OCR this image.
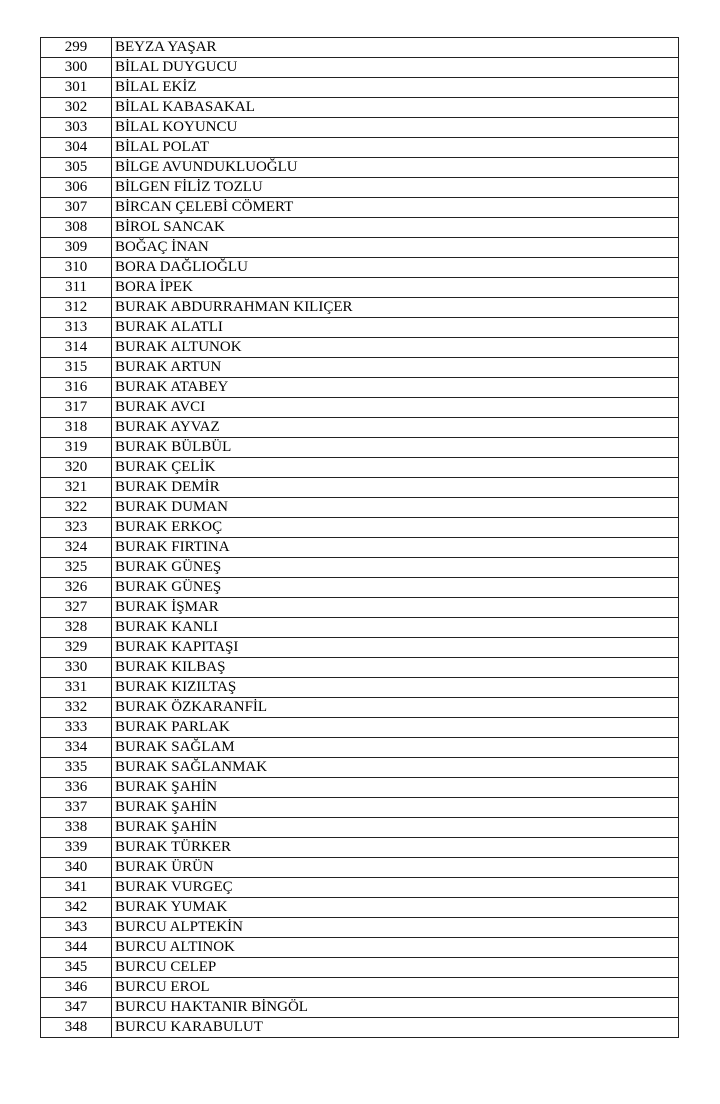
299	BEYZA YAŞAR
300	BİLAL DUYGUCU
301	BİLAL EKİZ
302	BİLAL KABASAKAL
303	BİLAL KOYUNCU
304	BİLAL POLAT
305	BİLGE AVUNDUKLUOĞLU
306	BİLGEN FİLİZ TOZLU
307	BİRCAN ÇELEBİ CÖMERT
308	BİROL SANCAK
309	BOĞAÇ İNAN
310	BORA DAĞLIOĞLU
311	BORA İPEK
312	BURAK ABDURRAHMAN KILIÇER
313	BURAK ALATLI
314	BURAK ALTUNOK
315	BURAK ARTUN
316	BURAK ATABEY
317	BURAK AVCI
318	BURAK AYVAZ
319	BURAK BÜLBÜL
320	BURAK ÇELİK
321	BURAK DEMİR
322	BURAK DUMAN
323	BURAK ERKOÇ
324	BURAK FIRTINA
325	BURAK GÜNEŞ
326	BURAK GÜNEŞ
327	BURAK İŞMAR
328	BURAK KANLI
329	BURAK KAPITAŞI
330	BURAK KILBAŞ
331	BURAK KIZILTAŞ
332	BURAK ÖZKARANFİL
333	BURAK PARLAK
334	BURAK SAĞLAM
335	BURAK SAĞLANMAK
336	BURAK ŞAHİN
337	BURAK ŞAHİN
338	BURAK ŞAHİN
339	BURAK TÜRKER
340	BURAK ÜRÜN
341	BURAK VURGEÇ
342	BURAK YUMAK
343	BURCU ALPTEKİN
344	BURCU ALTINOK
345	BURCU CELEP
346	BURCU EROL
347	BURCU HAKTANIR BİNGÖL
348	BURCU KARABULUT
